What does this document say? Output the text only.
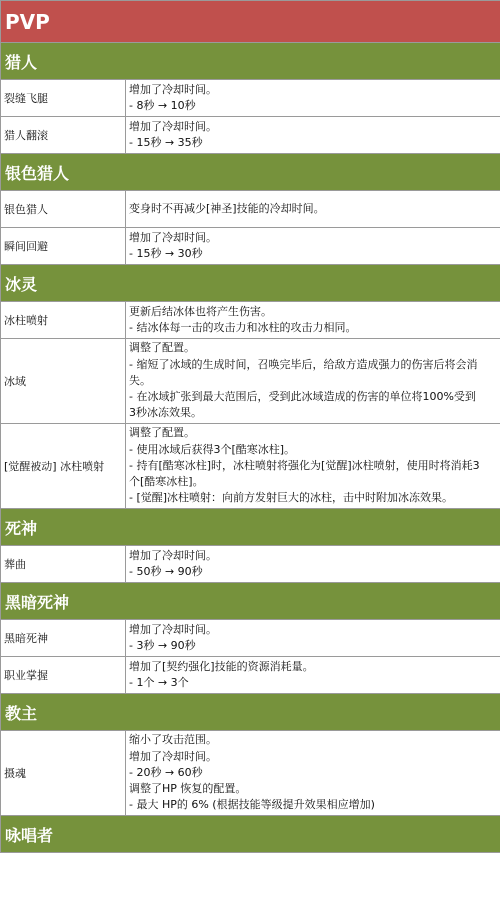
PVP	
猎人	
裂缝飞腿	增加了冷却时间。
- 8秒 → 10秒

猎人翻滚	增加了冷却时间。
- 15秒 → 35秒

银色猎人	
银色猎人	变身时不再减少[神圣]技能的冷却时间。

瞬间回避	增加了冷却时间。
- 15秒 → 30秒

冰灵	
冰柱喷射	更新后结冰体也将产生伤害。
- 结冰体每一击的攻击力和冰柱的攻击力相同。

冰域	调整了配置。
- 缩短了冰域的生成时间，召唤完毕后，给敌方造成强力的伤害后将会消
失。
- 在冰域扩张到最大范围后，受到此冰域造成的伤害的单位将100%受到
3秒冰冻效果。

[觉醒被动] 冰柱喷射	调整了配置。
- 使用冰域后获得3个[酷寒冰柱]。
- 持有[酷寒冰柱]时，冰柱喷射将强化为[觉醒]冰柱喷射，使用时将消耗3
个[酷寒冰柱]。
- [觉醒]冰柱喷射：向前方发射巨大的冰柱，击中时附加冰冻效果。

死神	
葬曲	增加了冷却时间。
- 50秒 → 90秒

黑暗死神	
黑暗死神	增加了冷却时间。
- 3秒 → 90秒

职业掌握	增加了[契约强化]技能的资源消耗量。
- 1个 → 3个

教主	
摄魂	缩小了攻击范围。
增加了冷却时间。
- 20秒 → 60秒
调整了HP 恢复的配置。
- 最大 HP的 6% (根据技能等级提升效果相应增加)

咏唱者	
